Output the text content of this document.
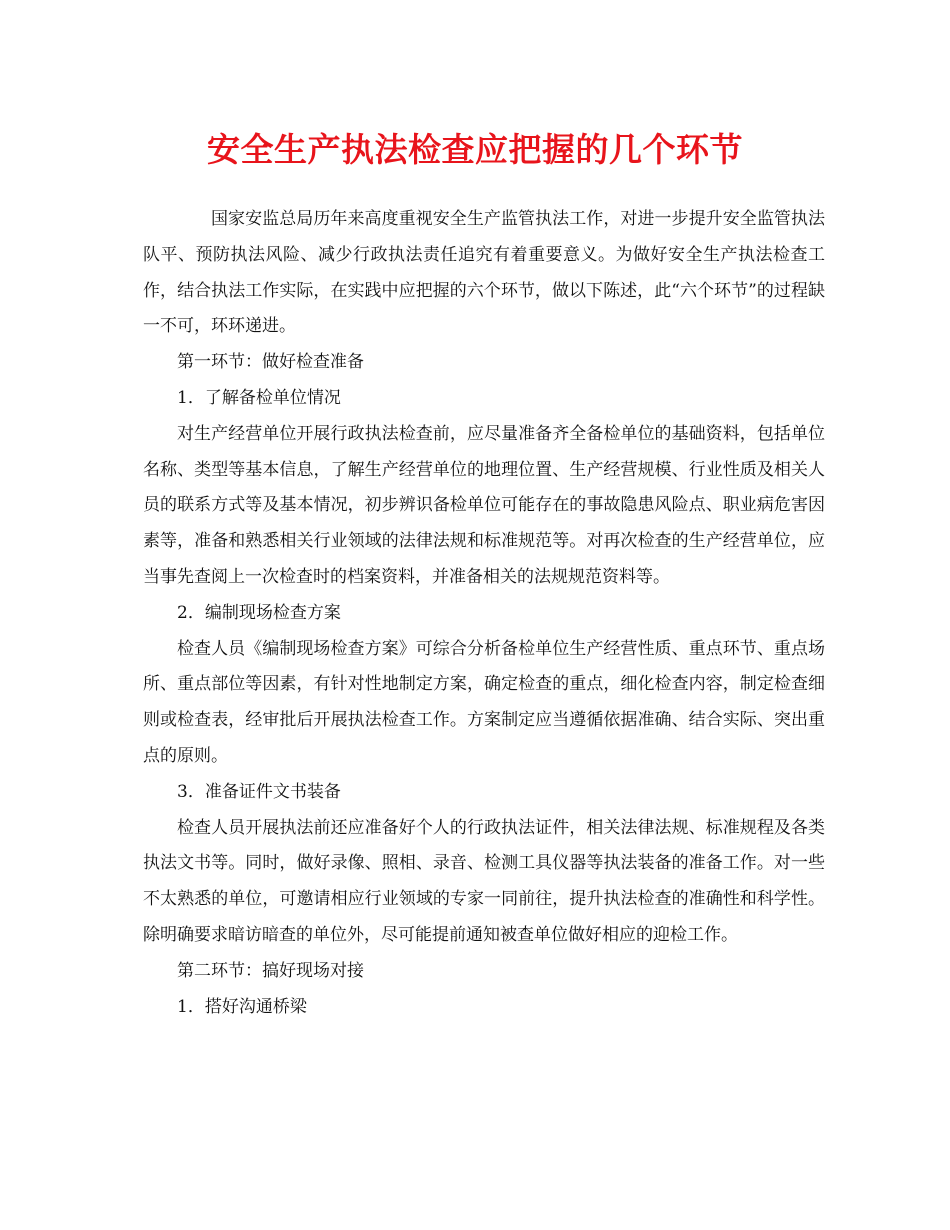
安全生产执法检查应把握的几个环节

国家安监总局历年来高度重视安全生产监管执法工作，对进一步提升安全监管执法队平、预防执法风险、减少行政执法责任追究有着重要意义。为做好安全生产执法检查工作，结合执法工作实际，在实践中应把握的六个环节，做以下陈述，此“六个环节”的过程缺一不可，环环递进。

第一环节：做好检查准备

1．了解备检单位情况

对生产经营单位开展行政执法检查前，应尽量准备齐全备检单位的基础资料，包括单位名称、类型等基本信息，了解生产经营单位的地理位置、生产经营规模、行业性质及相关人员的联系方式等及基本情况，初步辨识备检单位可能存在的事故隐患风险点、职业病危害因素等，准备和熟悉相关行业领域的法律法规和标准规范等。对再次检查的生产经营单位，应当事先查阅上一次检查时的档案资料，并准备相关的法规规范资料等。

2．编制现场检查方案

检查人员《编制现场检查方案》可综合分析备检单位生产经营性质、重点环节、重点场所、重点部位等因素，有针对性地制定方案，确定检查的重点，细化检查内容，制定检查细则或检查表，经审批后开展执法检查工作。方案制定应当遵循依据准确、结合实际、突出重点的原则。

3．准备证件文书装备

检查人员开展执法前还应准备好个人的行政执法证件，相关法律法规、标准规程及各类执法文书等。同时，做好录像、照相、录音、检测工具仪器等执法装备的准备工作。对一些不太熟悉的单位，可邀请相应行业领域的专家一同前往，提升执法检查的准确性和科学性。除明确要求暗访暗查的单位外，尽可能提前通知被查单位做好相应的迎检工作。

第二环节：搞好现场对接

1．搭好沟通桥梁
